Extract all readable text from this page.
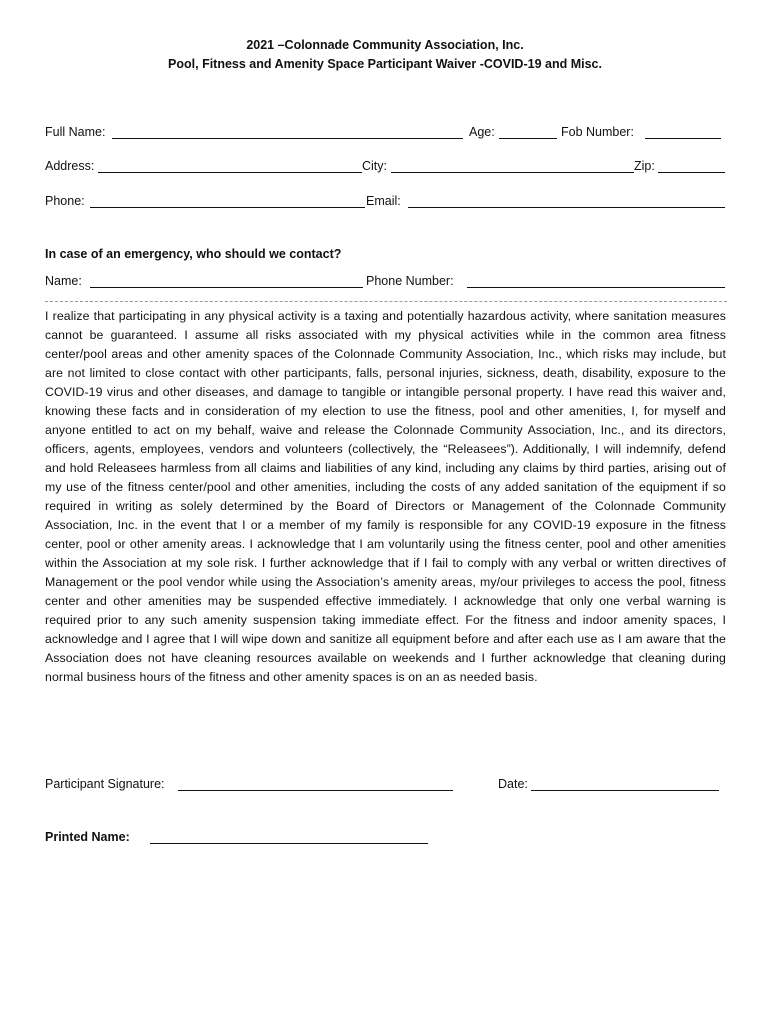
2021 –Colonnade Community Association, Inc.
Pool, Fitness and Amenity Space Participant Waiver -COVID-19 and Misc.
Full Name:	Age:	Fob Number:
Address:	City:	Zip:
Phone:	Email:
In case of an emergency, who should we contact?
Name:	Phone Number:
I realize that participating in any physical activity is a taxing and potentially hazardous activity, where sanitation measures cannot be guaranteed. I assume all risks associated with my physical activities while in the common area fitness center/pool areas and other amenity spaces of the Colonnade Community Association, Inc., which risks may include, but are not limited to close contact with other participants, falls, personal injuries, sickness, death, disability, exposure to the COVID-19 virus and other diseases, and damage to tangible or intangible personal property. I have read this waiver and, knowing these facts and in consideration of my election to use the fitness, pool and other amenities, I, for myself and anyone entitled to act on my behalf, waive and release the Colonnade Community Association, Inc., and its directors, officers, agents, employees, vendors and volunteers (collectively, the “Releasees”). Additionally, I will indemnify, defend and hold Releasees harmless from all claims and liabilities of any kind, including any claims by third parties, arising out of my use of the fitness center/pool and other amenities, including the costs of any added sanitation of the equipment if so required in writing as solely determined by the Board of Directors or Management of the Colonnade Community Association, Inc. in the event that I or a member of my family is responsible for any COVID-19 exposure in the fitness center, pool or other amenity areas. I acknowledge that I am voluntarily using the fitness center, pool and other amenities within the Association at my sole risk. I further acknowledge that if I fail to comply with any verbal or written directives of Management or the pool vendor while using the Association’s amenity areas, my/our privileges to access the pool, fitness center and other amenities may be suspended effective immediately. I acknowledge that only one verbal warning is required prior to any such amenity suspension taking immediate effect. For the fitness and indoor amenity spaces, I acknowledge and I agree that I will wipe down and sanitize all equipment before and after each use as I am aware that the Association does not have cleaning resources available on weekends and I further acknowledge that cleaning during normal business hours of the fitness and other amenity spaces is on an as needed basis.
Participant Signature:	Date:
Printed Name:
